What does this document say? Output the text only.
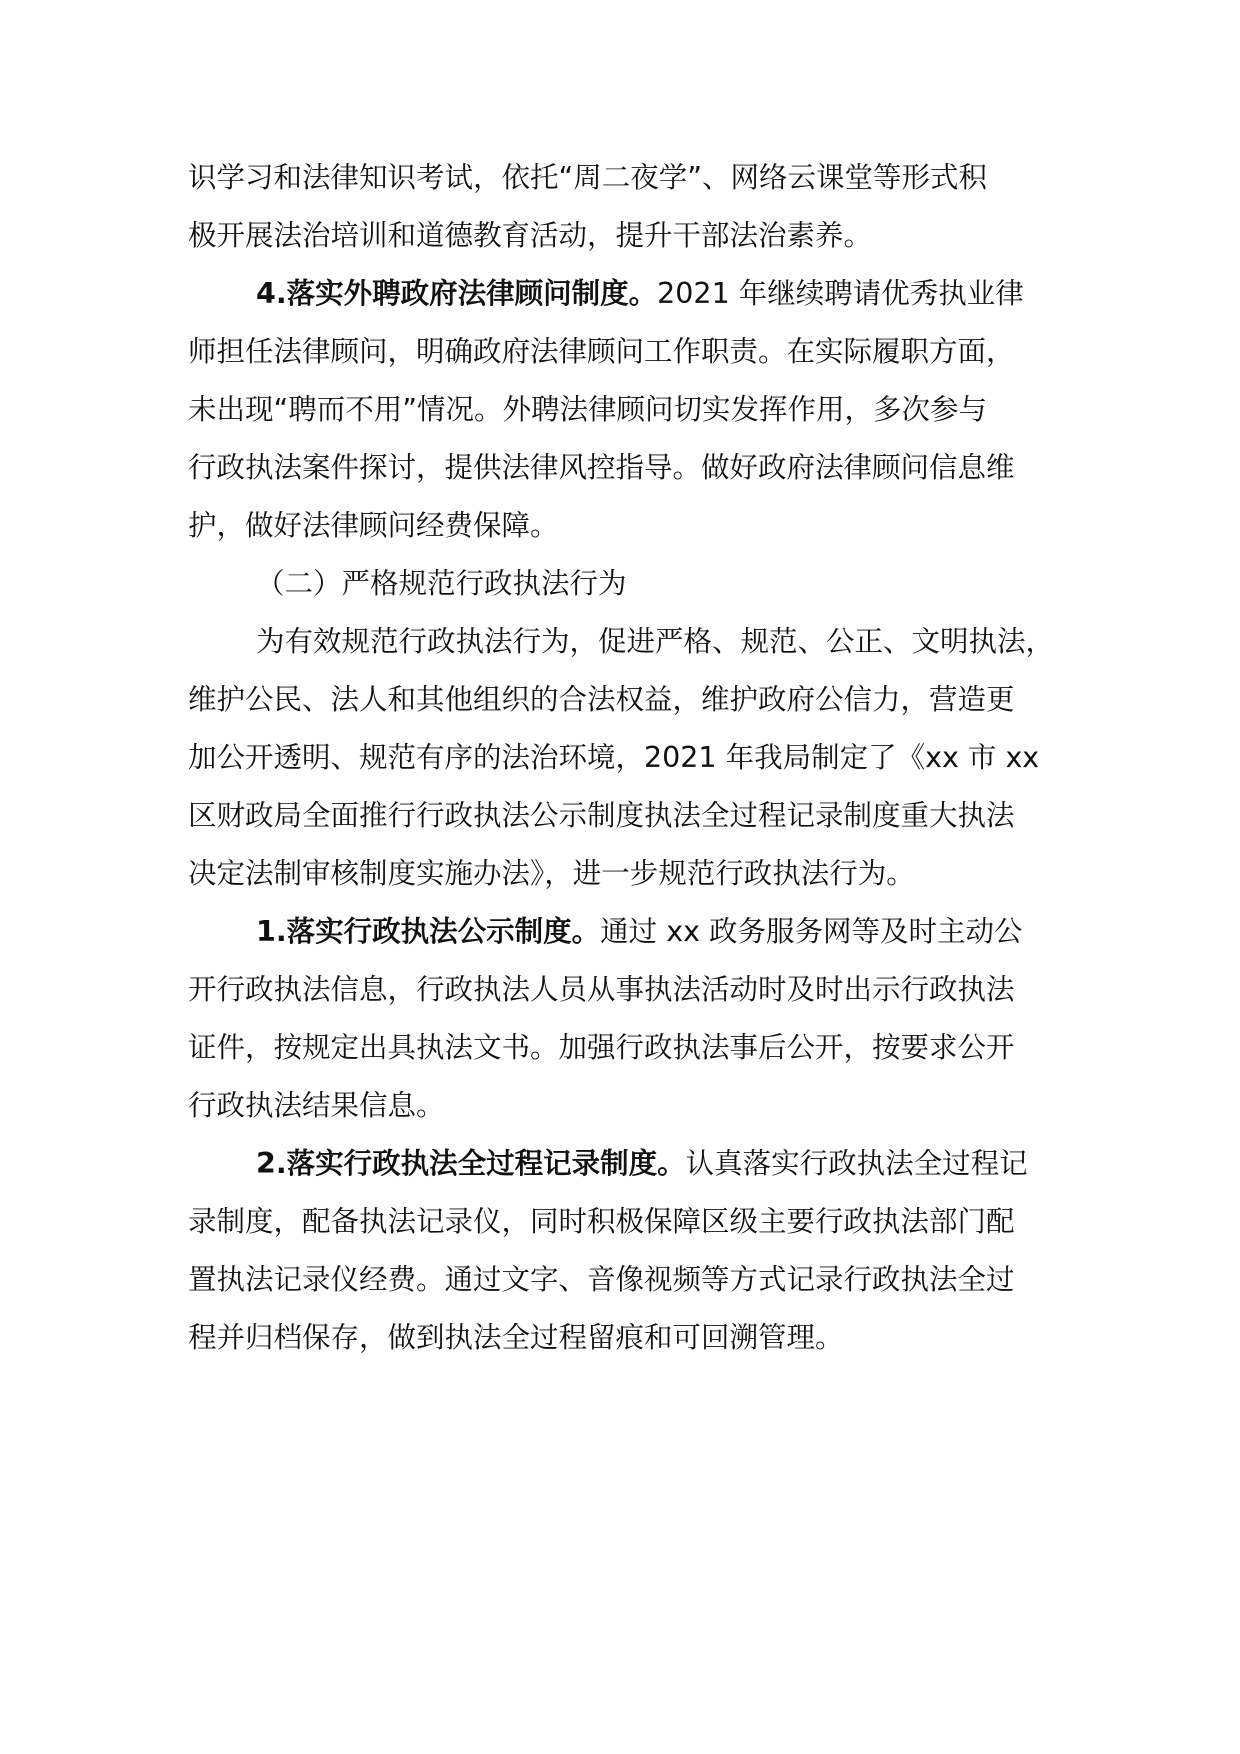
识学习和法律知识考试，依托“周二夜学”、网络云课堂等形式积

极开展法治培训和道德教育活动，提升干部法治素养。

4.落实外聘政府法律顾问制度。2021 年继续聘请优秀执业律

师担任法律顾问，明确政府法律顾问工作职责。在实际履职方面，

未出现“聘而不用”情况。外聘法律顾问切实发挥作用，多次参与

行政执法案件探讨，提供法律风控指导。做好政府法律顾问信息维

护，做好法律顾问经费保障。

（二）严格规范行政执法行为

为有效规范行政执法行为，促进严格、规范、公正、文明执法，

维护公民、法人和其他组织的合法权益，维护政府公信力，营造更

加公开透明、规范有序的法治环境，2021 年我局制定了《xx 市 xx

区财政局全面推行行政执法公示制度执法全过程记录制度重大执法

决定法制审核制度实施办法》，进一步规范行政执法行为。

1.落实行政执法公示制度。通过 xx 政务服务网等及时主动公

开行政执法信息，行政执法人员从事执法活动时及时出示行政执法

证件，按规定出具执法文书。加强行政执法事后公开，按要求公开

行政执法结果信息。

2.落实行政执法全过程记录制度。认真落实行政执法全过程记

录制度，配备执法记录仪，同时积极保障区级主要行政执法部门配

置执法记录仪经费。通过文字、音像视频等方式记录行政执法全过

程并归档保存，做到执法全过程留痕和可回溯管理。
